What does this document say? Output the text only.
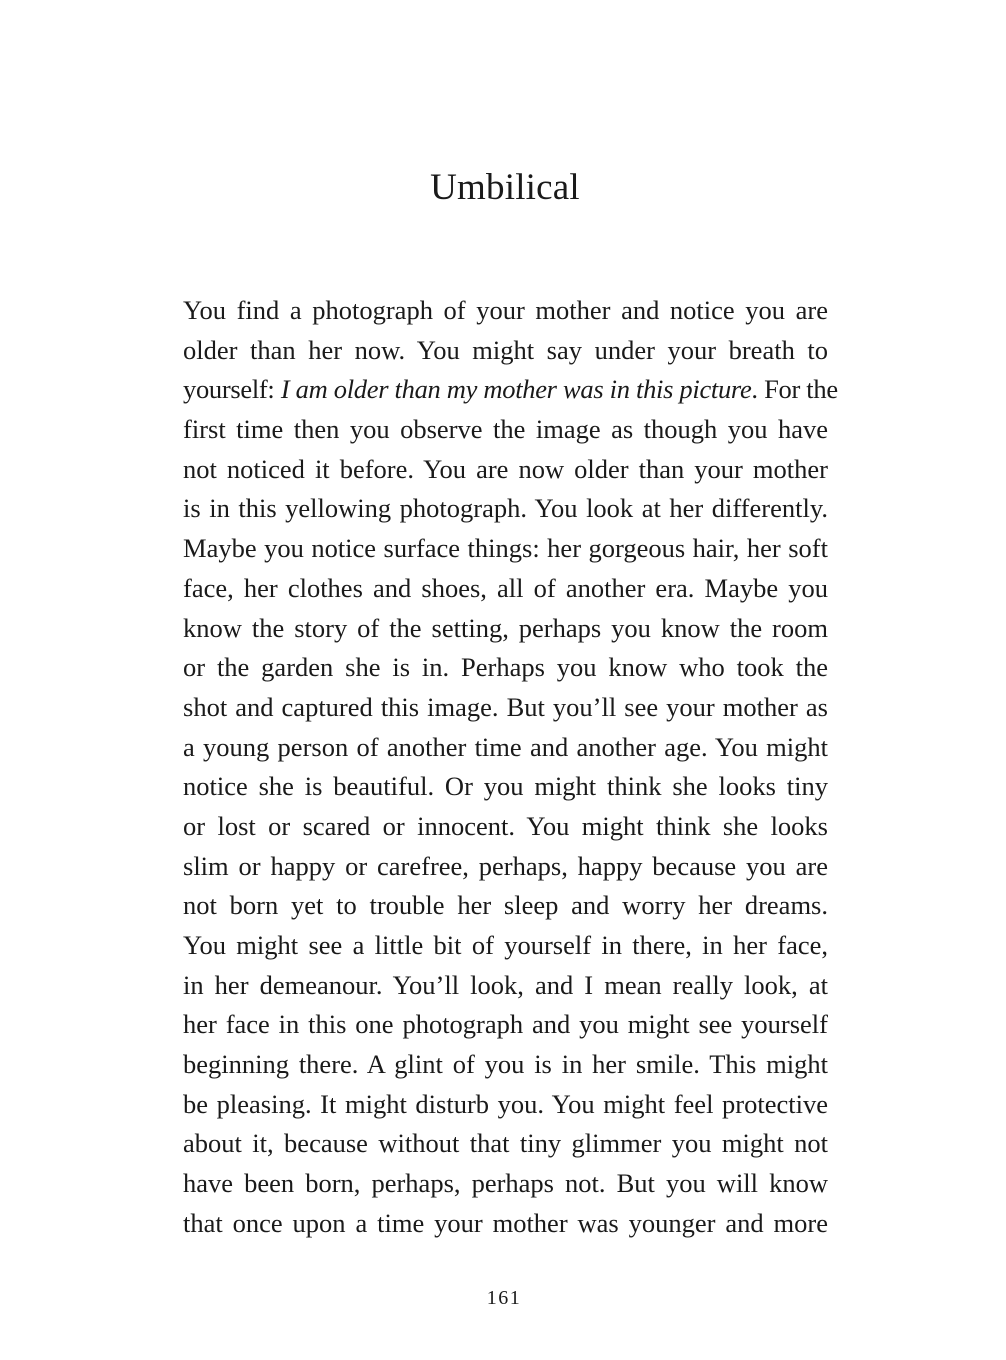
Umbilical
You find a photograph of your mother and notice you are
older than her now. You might say under your breath to
yourself: I am older than my mother was in this picture. For the
first time then you observe the image as though you have
not noticed it before. You are now older than your mother
is in this yellowing photograph. You look at her differently.
Maybe you notice surface things: her gorgeous hair, her soft
face, her clothes and shoes, all of another era. Maybe you
know the story of the setting, perhaps you know the room
or the garden she is in. Perhaps you know who took the
shot and captured this image. But you’ll see your mother as
a young person of another time and another age. You might
notice she is beautiful. Or you might think she looks tiny
or lost or scared or innocent. You might think she looks
slim or happy or carefree, perhaps, happy because you are
not born yet to trouble her sleep and worry her dreams.
You might see a little bit of yourself in there, in her face,
in her demeanour. You’ll look, and I mean really look, at
her face in this one photograph and you might see yourself
beginning there. A glint of you is in her smile. This might
be pleasing. It might disturb you. You might feel protective
about it, because without that tiny glimmer you might not
have been born, perhaps, perhaps not. But you will know
that once upon a time your mother was younger and more
161
